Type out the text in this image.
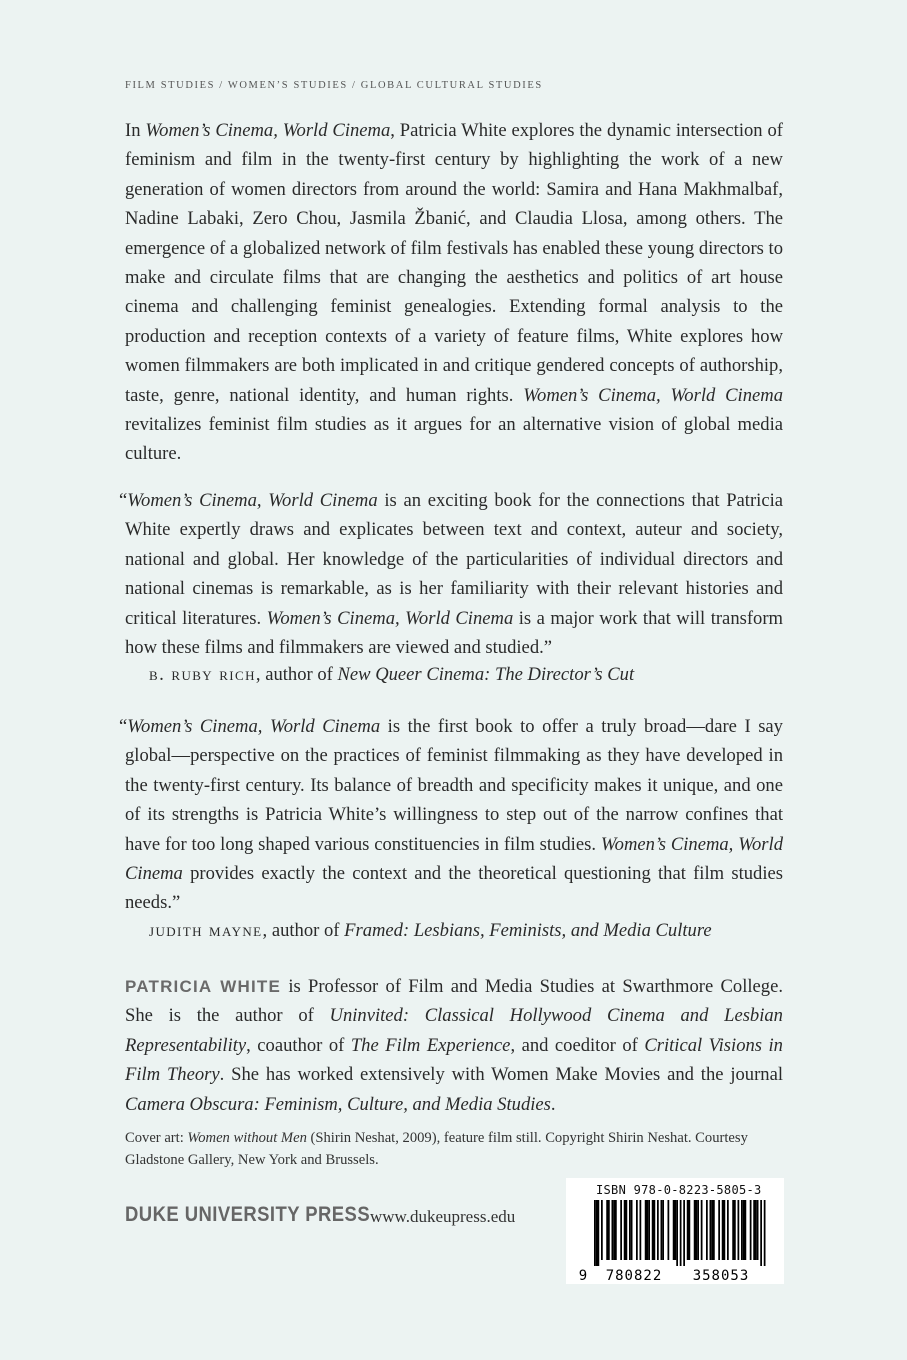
FILM STUDIES / WOMEN’S STUDIES / GLOBAL CULTURAL STUDIES
In Women’s Cinema, World Cinema, Patricia White explores the dynamic intersection of feminism and film in the twenty-first century by highlighting the work of a new generation of women directors from around the world: Samira and Hana Makhmalbaf, Nadine Labaki, Zero Chou, Jasmila Žbanić, and Claudia Llosa, among others. The emergence of a globalized network of film festivals has enabled these young directors to make and circulate films that are changing the aesthetics and politics of art house cinema and challenging feminist genealogies. Extending formal analysis to the production and reception contexts of a variety of feature films, White explores how women filmmakers are both implicated in and critique gendered concepts of authorship, taste, genre, national identity, and human rights. Women’s Cinema, World Cinema revitalizes feminist film studies as it argues for an alternative vision of global media culture.
“Women’s Cinema, World Cinema is an exciting book for the connections that Patricia White expertly draws and explicates between text and context, auteur and society, national and global. Her knowledge of the particularities of individual directors and national cinemas is remarkable, as is her familiarity with their relevant histories and critical literatures. Women’s Cinema, World Cinema is a major work that will transform how these films and filmmakers are viewed and studied.”
b. ruby rich, author of New Queer Cinema: The Director’s Cut
“Women’s Cinema, World Cinema is the first book to offer a truly broad—dare I say global—perspective on the practices of feminist filmmaking as they have developed in the twenty-first century. Its balance of breadth and specificity makes it unique, and one of its strengths is Patricia White’s willingness to step out of the narrow confines that have for too long shaped various constituencies in film studies. Women’s Cinema, World Cinema provides exactly the context and the theoretical questioning that film studies needs.”
judith mayne, author of Framed: Lesbians, Feminists, and Media Culture
PATRICIA WHITE is Professor of Film and Media Studies at Swarthmore College. She is the author of Uninvited: Classical Hollywood Cinema and Lesbian Representability, coauthor of The Film Experience, and coeditor of Critical Visions in Film Theory. She has worked extensively with Women Make Movies and the journal Camera Obscura: Feminism, Culture, and Media Studies.
Cover art: Women without Men (Shirin Neshat, 2009), feature film still. Copyright Shirin Neshat. Courtesy Gladstone Gallery, New York and Brussels.
DUKE UNIVERSITY PRESS www.dukeupress.edu
ISBN 978-0-8223-5805-3
9 780822 358053
